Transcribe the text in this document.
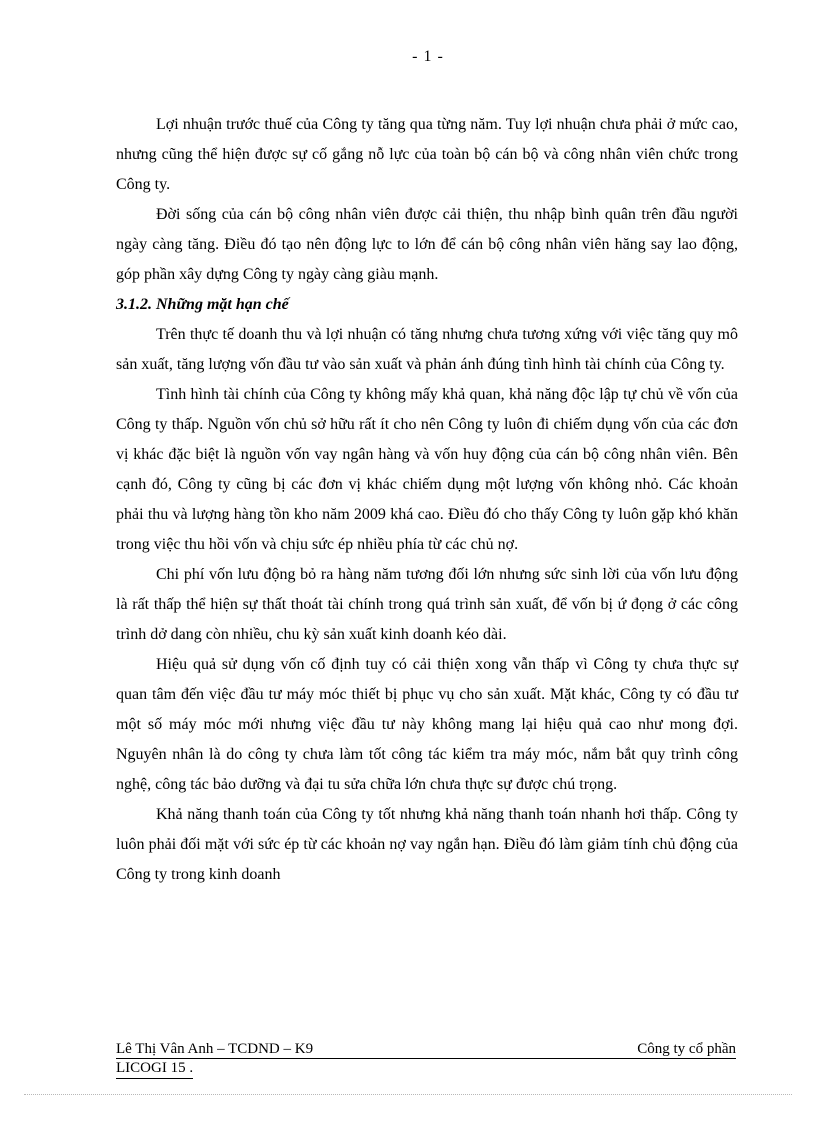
- 1 -

Lợi nhuận trước thuế của Công ty tăng qua từng năm. Tuy lợi nhuận chưa phải ở mức cao, nhưng cũng thể hiện được sự cố gắng nỗ lực của toàn bộ cán bộ và công nhân viên chức trong Công ty.

Đời sống của cán bộ công nhân viên được cải thiện, thu nhập bình quân trên đầu người ngày càng tăng. Điều đó tạo nên động lực to lớn để cán bộ công nhân viên hăng say lao động, góp phần xây dựng Công ty ngày càng giàu mạnh.

3.1.2. Những mặt hạn chế

Trên thực tế doanh thu và lợi nhuận có tăng nhưng chưa tương xứng với việc tăng quy mô sản xuất, tăng lượng vốn đầu tư vào sản xuất và phản ánh đúng tình hình tài chính của Công ty.

Tình hình tài chính của Công ty không mấy khả quan, khả năng độc lập tự chủ về vốn của Công ty thấp. Nguồn vốn chủ sở hữu rất ít cho nên Công ty luôn đi chiếm dụng vốn của các đơn vị khác đặc biệt là nguồn vốn vay ngân hàng và vốn huy động của cán bộ công nhân viên. Bên cạnh đó, Công ty cũng bị các đơn vị khác chiếm dụng một lượng vốn không nhỏ. Các khoản phải thu và lượng hàng tồn kho năm 2009 khá cao. Điều đó cho thấy Công ty luôn gặp khó khăn trong việc thu hồi vốn và chịu sức ép nhiều phía từ các chủ nợ.

Chi phí vốn lưu động bỏ ra hàng năm tương đối lớn nhưng sức sinh lời của vốn lưu động là rất thấp thể hiện sự thất thoát tài chính trong quá trình sản xuất, để vốn bị ứ đọng ở các công trình dở dang còn nhiều, chu kỳ sản xuất kinh doanh kéo dài.

Hiệu quả sử dụng vốn cố định tuy có cải thiện xong vẫn thấp vì Công ty chưa thực sự quan tâm đến việc đầu tư máy móc thiết bị phục vụ cho sản xuất. Mặt khác, Công ty có đầu tư một số máy móc mới nhưng việc đầu tư này không mang lại hiệu quả cao như mong đợi. Nguyên nhân là do công ty chưa làm tốt công tác kiểm tra máy móc, nắm bắt quy trình công nghệ, công tác bảo dưỡng và đại tu sửa chữa lớn chưa thực sự được chú trọng.

Khả năng thanh toán của Công ty tốt nhưng khả năng thanh toán nhanh hơi thấp. Công ty luôn phải đối mặt với sức ép từ các khoản nợ vay ngắn hạn. Điều đó làm giảm tính chủ động của Công ty trong kinh doanh

Lê Thị Vân Anh – TCDND – K9	Công ty cổ phần
LICOGI 15 .
